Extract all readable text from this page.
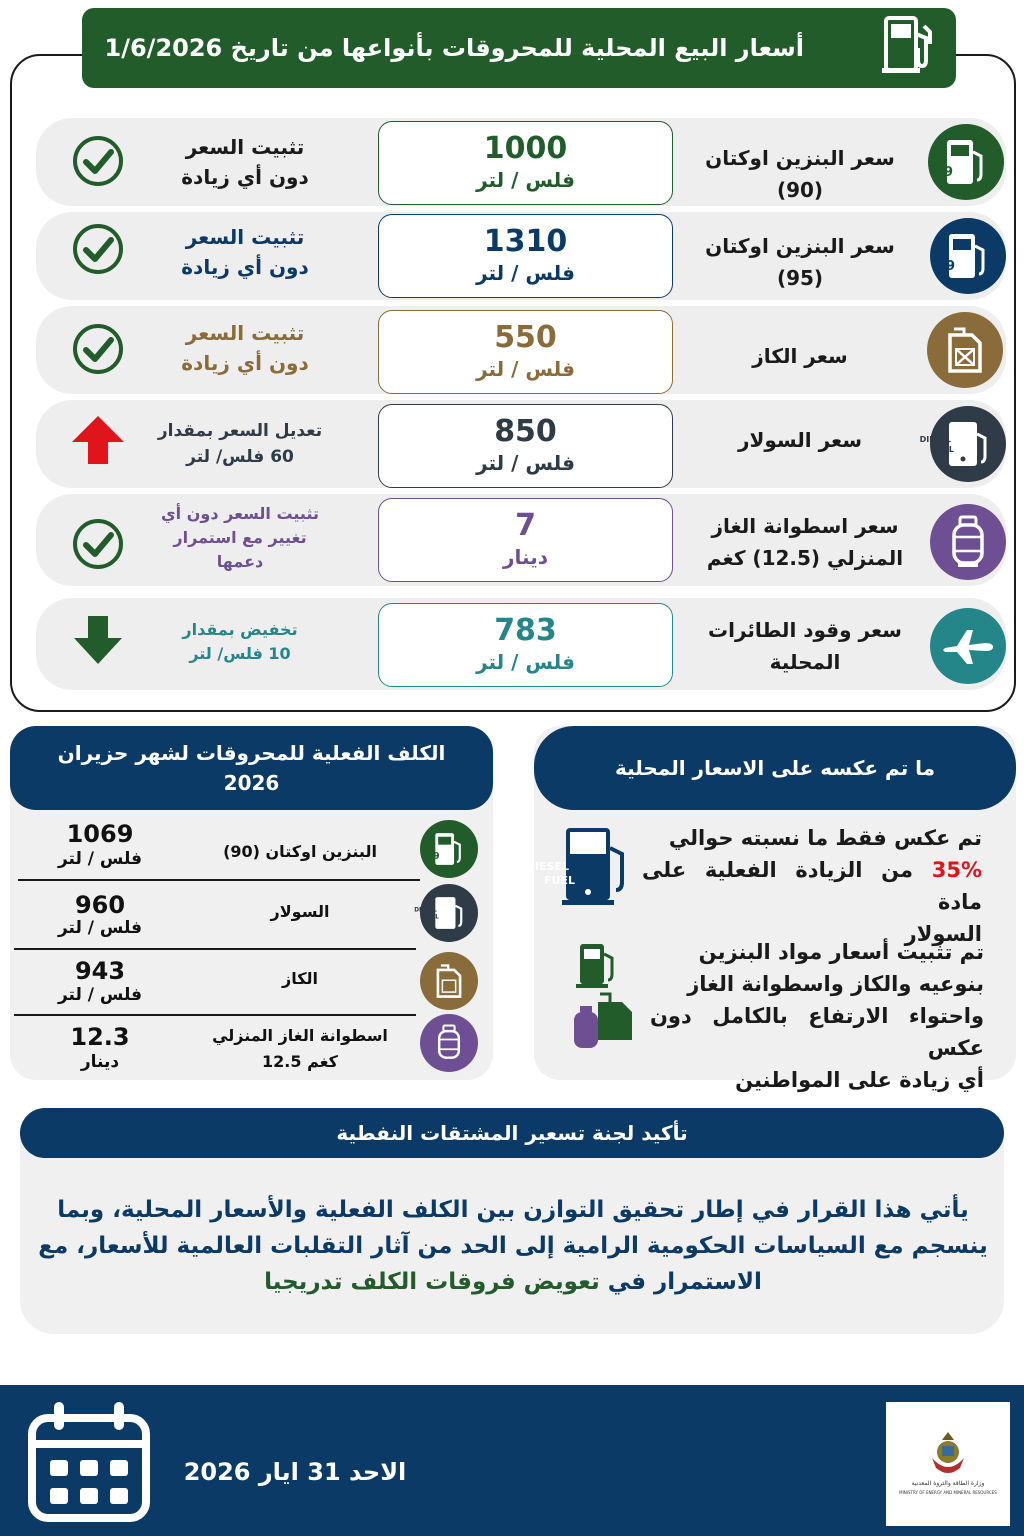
أسعار البيع المحلية للمحروقات بأنواعها من تاريخ 1/6/2026
9
سعر البنزين اوكتان (90)
1000
فلس / لتر
تثبيت السعر
دون أي زيادة
9
سعر البنزين اوكتان (95)
1310
فلس / لتر
تثبيت السعر
دون أي زيادة
سعر الكاز
550
فلس / لتر
تثبيت السعر
دون أي زيادة
DIESEL
FUEL
سعر السولار
850
فلس / لتر
تعديل السعر بمقدار
60 فلس/ لتر
سعر اسطوانة الغاز
المنزلي (12.5) كغم
7
دينار
تثبيت السعر دون أي
تغيير مع استمرار
دعمها
سعر وقود الطائرات
المحلية
783
فلس / لتر
تخفيض بمقدار
10 فلس/ لتر
الكلف الفعلية للمحروقات لشهر حزيران
2026
9
البنزين اوكتان (90)
1069
فلس / لتر
DIESEL
FUEL
السولار
960
فلس / لتر
الكاز
943
فلس / لتر
اسطوانة الغاز المنزلي
كغم 12.5
12.3
دينار
ما تم عكسه على الاسعار المحلية
DIESEL
FUEL
تم عكس فقط ما نسبته حوالي
35% من الزيادة الفعلية على مادة
السولار
تم تثبيت أسعار مواد البنزين
بنوعيه والكاز واسطوانة الغاز
واحتواء الارتفاع بالكامل دون عكس
أي زيادة على المواطنين
تأكيد لجنة تسعير المشتقات النفطية
يأتي هذا القرار في إطار تحقيق التوازن بين الكلف الفعلية والأسعار المحلية، وبما
ينسجم مع السياسات الحكومية الرامية إلى الحد من آثار التقلبات العالمية للأسعار، مع
الاستمرار في تعويض فروقات الكلف تدريجيا
الاحد 31 ايار 2026	وزارة الطاقة والثروة المعدنية
MINISTRY OF ENERGY AND MINERAL RESOURCES
